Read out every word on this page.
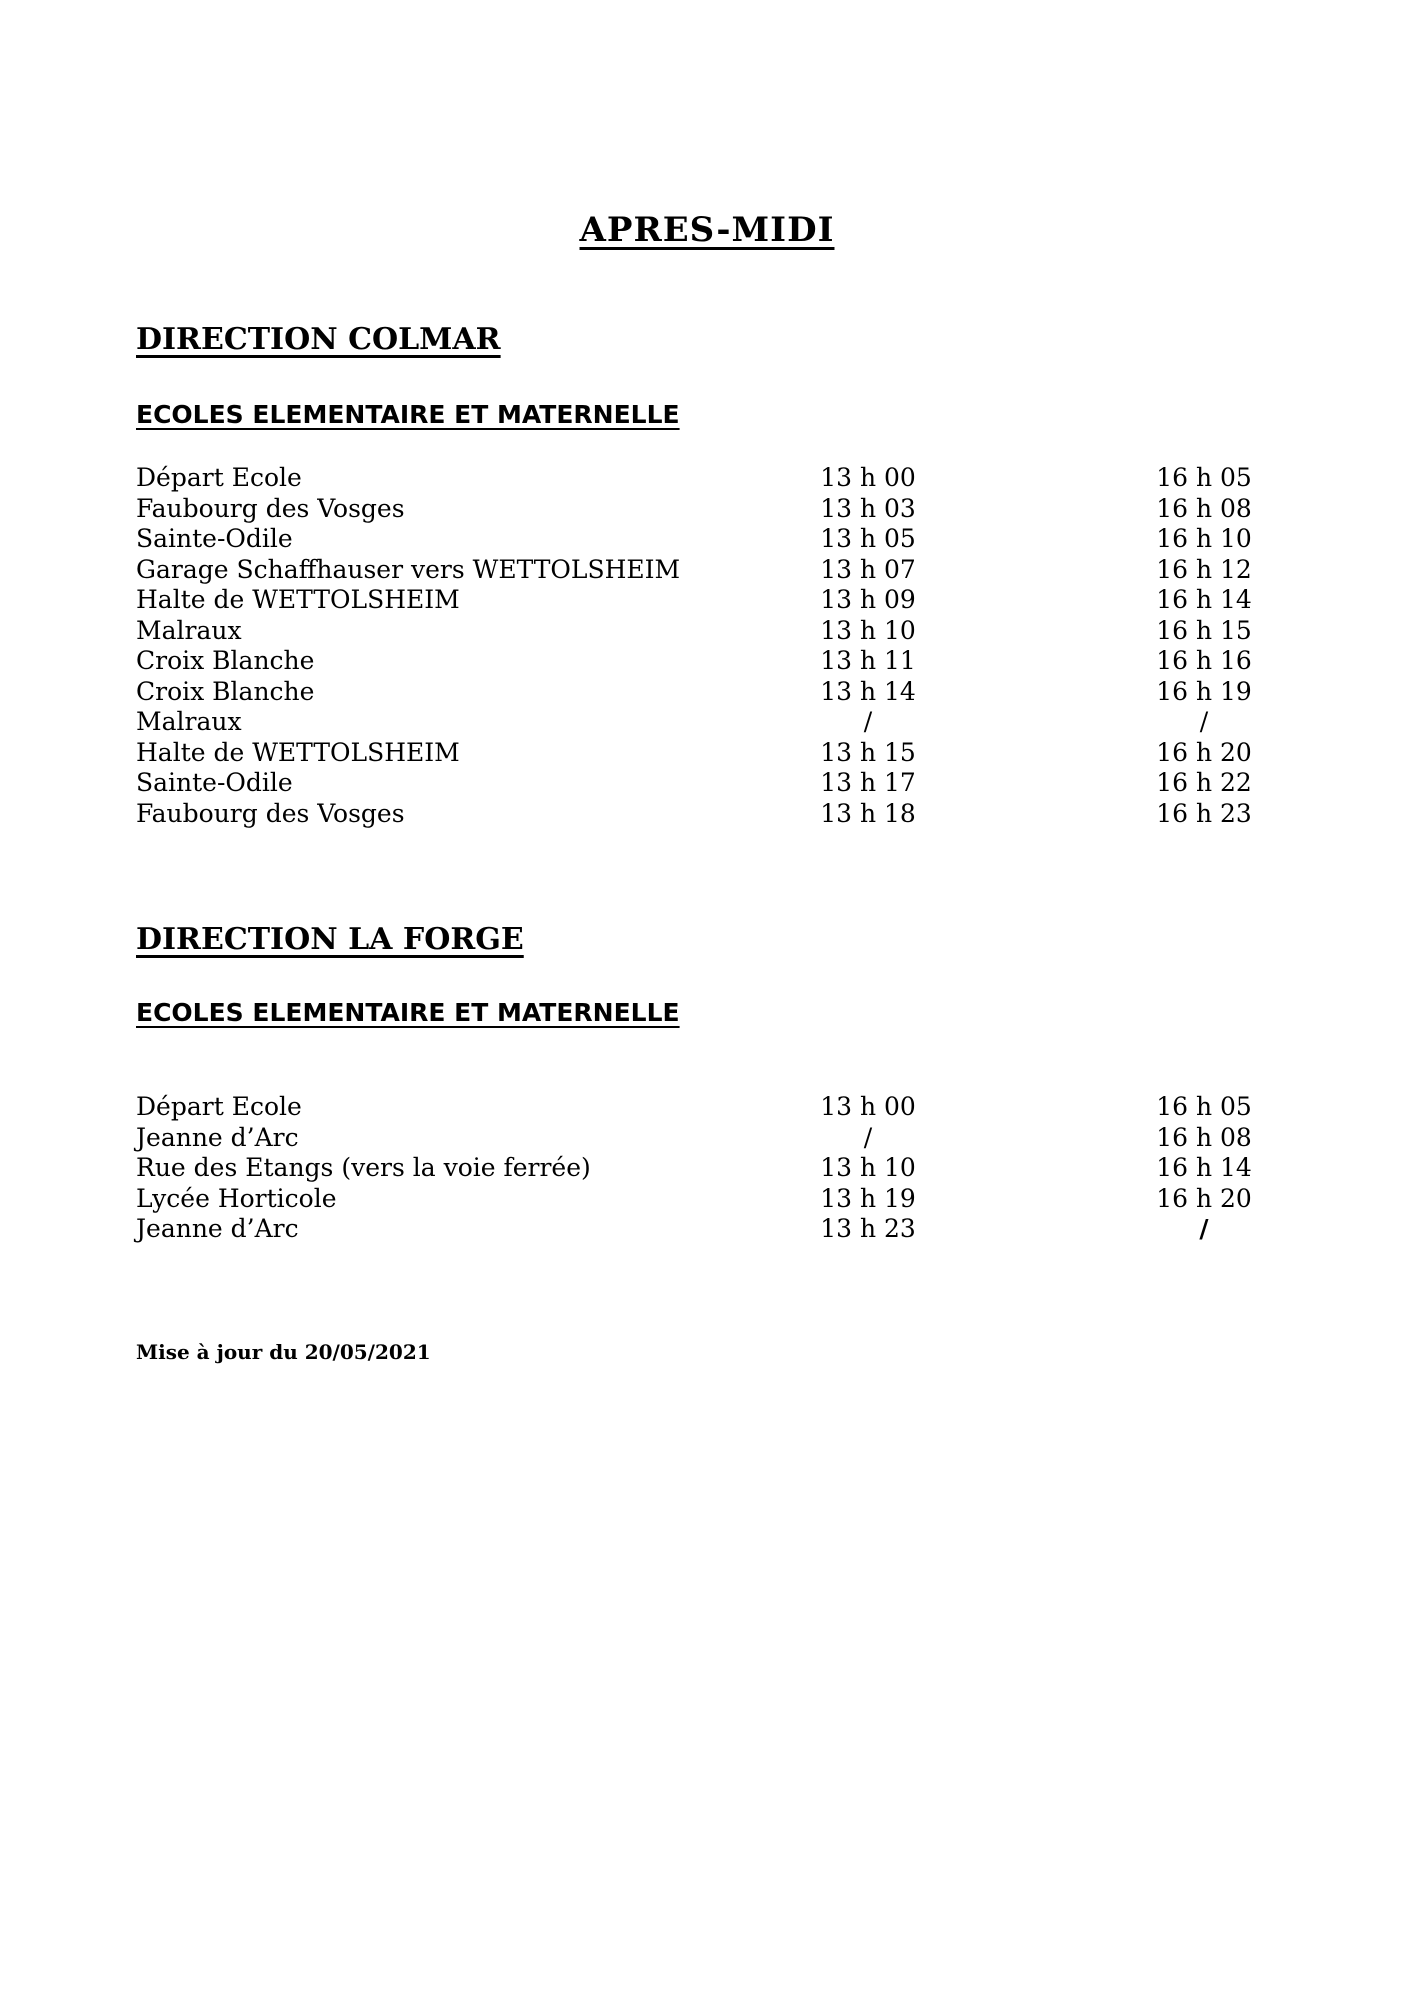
APRES-MIDI
DIRECTION COLMAR
ECOLES ELEMENTAIRE ET MATERNELLE
Départ Ecole	13 h 00	16 h 05
Faubourg des Vosges	13 h 03	16 h 08
Sainte-Odile	13 h 05	16 h 10
Garage Schaffhauser vers WETTOLSHEIM	13 h 07	16 h 12
Halte de WETTOLSHEIM	13 h 09	16 h 14
Malraux	13 h 10	16 h 15
Croix Blanche	13 h 11	16 h 16
Croix Blanche	13 h 14	16 h 19
Malraux	/	/
Halte de WETTOLSHEIM	13 h 15	16 h 20
Sainte-Odile	13 h 17	16 h 22
Faubourg des Vosges	13 h 18	16 h 23
DIRECTION LA FORGE
ECOLES ELEMENTAIRE ET MATERNELLE
Départ Ecole	13 h 00	16 h 05
Jeanne d’Arc	/	16 h 08
Rue des Etangs (vers la voie ferrée)	13 h 10	16 h 14
Lycée Horticole	13 h 19	16 h 20
Jeanne d’Arc	13 h 23	/
Mise à jour du 20/05/2021
